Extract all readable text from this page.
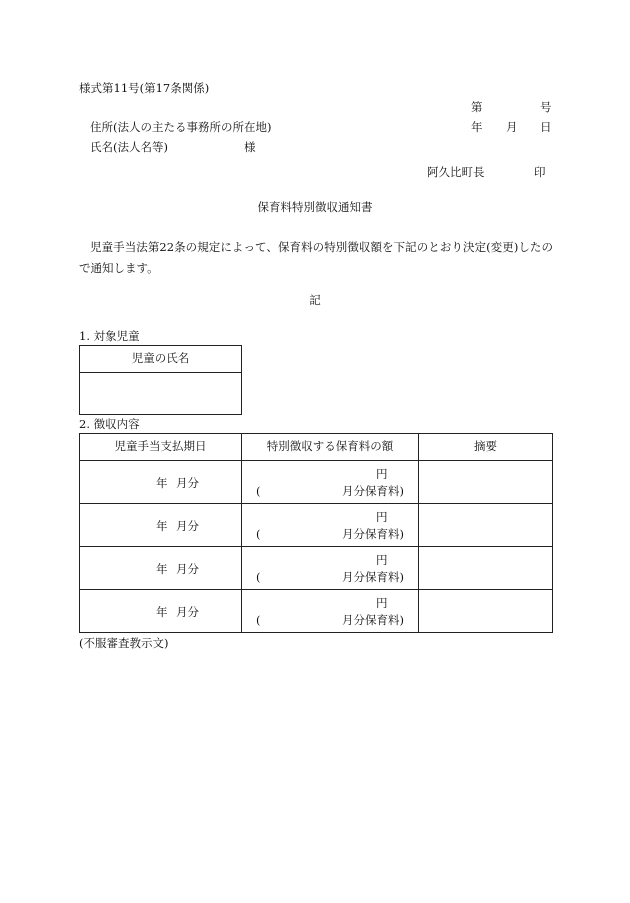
様式第11号(第17条関係)
第	号
住所(法人の主たる事務所の所在地)	年 月 日
氏名(法人名等)	様
阿久比町長	印
保育料特別徴収通知書

児童手当法第22条の規定によって、保育料の特別徴収額を下記のとおり決定(変更)したので通知します。

記
1. 対象児童
児童の氏名

2. 徴収内容
児童手当支払期日	特別徴収する保育料の額	摘要

年 月分	円
( 月分保育料)	

年 月分	円
( 月分保育料)	

年 月分	円
( 月分保育料)	

年 月分	円
( 月分保育料)	

(不服審査教示文)
